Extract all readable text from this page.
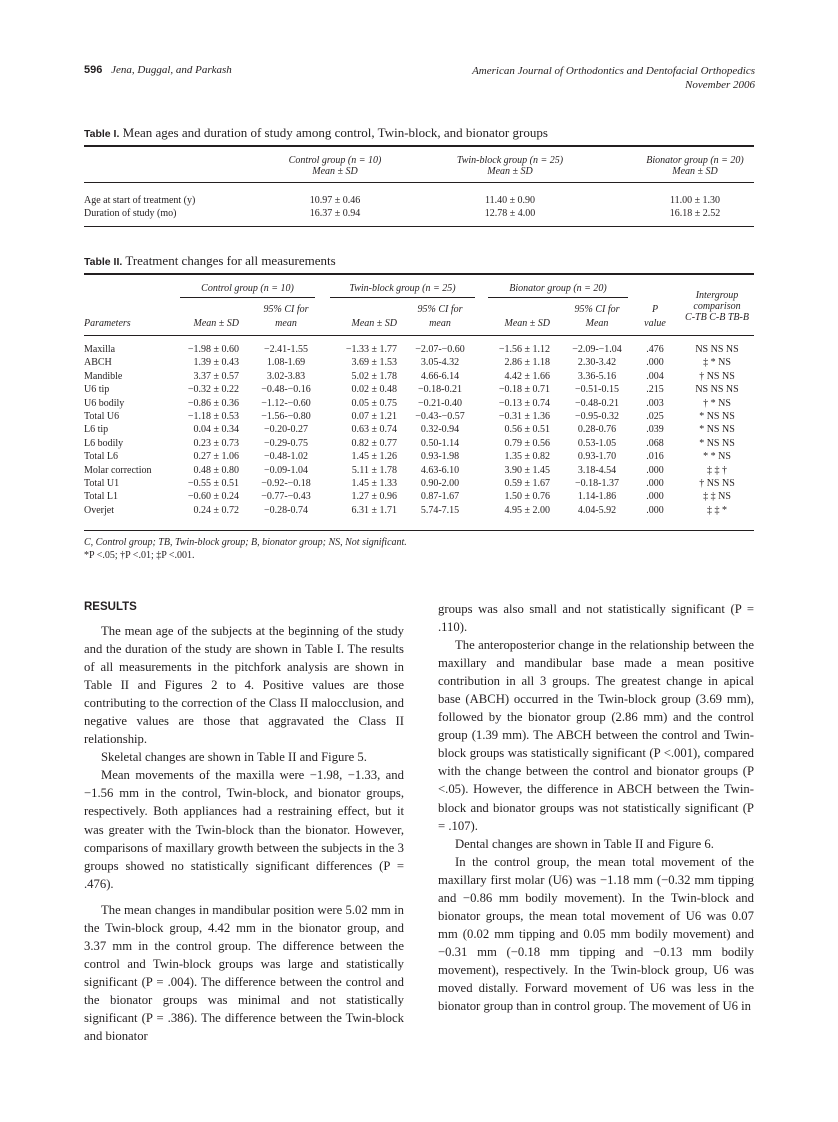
596 Jena, Duggal, and Parkash	American Journal of Orthodontics and Dentofacial Orthopedics
November 2006
Table I. Mean ages and duration of study among control, Twin-block, and bionator groups
Control group (n = 10)
Mean ± SD
Twin-block group (n = 25)
Mean ± SD
Bionator group (n = 20)
Mean ± SD
Age at start of treatment (y)	10.97 ± 0.46	11.40 ± 0.90	11.00 ± 1.30
Duration of study (mo)	16.37 ± 0.94	12.78 ± 4.00	16.18 ± 2.52
Table II. Treatment changes for all measurements
Control group (n = 10)	Twin-block group (n = 25)	Bionator group (n = 20)
Intergroup
comparison
C-TB C-B TB-B
95% CI for	95% CI for	95% CI for	P
Parameters	Mean ± SD	mean	Mean ± SD	mean	Mean ± SD	Mean	value
Maxilla	−1.98 ± 0.60	−2.41-1.55	−1.33 ± 1.77	−2.07-−0.60	−1.56 ± 1.12	−2.09-−1.04	.476	NS NS NS
ABCH	1.39 ± 0.43	1.08-1.69	3.69 ± 1.53	3.05-4.32	2.86 ± 1.18	2.30-3.42	.000	‡ * NS
Mandible	3.37 ± 0.57	3.02-3.83	5.02 ± 1.78	4.66-6.14	4.42 ± 1.66	3.36-5.16	.004	† NS NS
U6 tip	−0.32 ± 0.22	−0.48-−0.16	0.02 ± 0.48	−0.18-0.21	−0.18 ± 0.71	−0.51-0.15	.215	NS NS NS
U6 bodily	−0.86 ± 0.36	−1.12-−0.60	0.05 ± 0.75	−0.21-0.40	−0.13 ± 0.74	−0.48-0.21	.003	† * NS
Total U6	−1.18 ± 0.53	−1.56-−0.80	0.07 ± 1.21	−0.43-−0.57	−0.31 ± 1.36	−0.95-0.32	.025	* NS NS
L6 tip	0.04 ± 0.34	−0.20-0.27	0.63 ± 0.74	0.32-0.94	0.56 ± 0.51	0.28-0.76	.039	* NS NS
L6 bodily	0.23 ± 0.73	−0.29-0.75	0.82 ± 0.77	0.50-1.14	0.79 ± 0.56	0.53-1.05	.068	* NS NS
Total L6	0.27 ± 1.06	−0.48-1.02	1.45 ± 1.26	0.93-1.98	1.35 ± 0.82	0.93-1.70	.016	* * NS
Molar correction	0.48 ± 0.80	−0.09-1.04	5.11 ± 1.78	4.63-6.10	3.90 ± 1.45	3.18-4.54	.000	‡ ‡ †
Total U1	−0.55 ± 0.51	−0.92-−0.18	1.45 ± 1.33	0.90-2.00	0.59 ± 1.67	−0.18-1.37	.000	† NS NS
Total L1	−0.60 ± 0.24	−0.77-−0.43	1.27 ± 0.96	0.87-1.67	1.50 ± 0.76	1.14-1.86	.000	‡ ‡ NS
Overjet	0.24 ± 0.72	−0.28-0.74	6.31 ± 1.71	5.74-7.15	4.95 ± 2.00	4.04-5.92	.000	‡ ‡ *
C, Control group; TB, Twin-block group; B, bionator group; NS, Not significant.
*P <.05; †P <.01; ‡P <.001.
RESULTS

The mean age of the subjects at the beginning of the study and the duration of the study are shown in Table I. The results of all measurements in the pitchfork analysis are shown in Table II and Figures 2 to 4. Positive values are those contributing to the correction of the Class II malocclusion, and negative values are those that aggravated the Class II relationship.

Skeletal changes are shown in Table II and Figure 5.

Mean movements of the maxilla were −1.98, −1.33, and −1.56 mm in the control, Twin-block, and bionator groups, respectively. Both appliances had a restraining effect, but it was greater with the Twin-block than the bionator. However, comparisons of maxillary growth between the subjects in the 3 groups showed no statistically significant differences (P = .476).

The mean changes in mandibular position were 5.02 mm in the Twin-block group, 4.42 mm in the bionator group, and 3.37 mm in the control group. The difference between the control and Twin-block groups was large and statistically significant (P = .004). The difference between the control and the bionator groups was minimal and not statistically significant (P = .386). The difference between the Twin-block and bionator

groups was also small and not statistically significant (P = .110).

The anteroposterior change in the relationship between the maxillary and mandibular base made a mean positive contribution in all 3 groups. The greatest change in apical base (ABCH) occurred in the Twin-block group (3.69 mm), followed by the bionator group (2.86 mm) and the control group (1.39 mm). The ABCH between the control and Twin-block groups was statistically significant (P <.001), compared with the change between the control and bionator groups (P <.05). However, the difference in ABCH between the Twin-block and bionator groups was not statistically significant (P = .107).

Dental changes are shown in Table II and Figure 6.

In the control group, the mean total movement of the maxillary first molar (U6) was −1.18 mm (−0.32 mm tipping and −0.86 mm bodily movement). In the Twin-block and bionator groups, the mean total movement of U6 was 0.07 mm (0.02 mm tipping and 0.05 mm bodily movement) and −0.31 mm (−0.18 mm tipping and −0.13 mm bodily movement), respectively. In the Twin-block group, U6 was moved distally. Forward movement of U6 was less in the bionator group than in control group. The movement of U6 in
